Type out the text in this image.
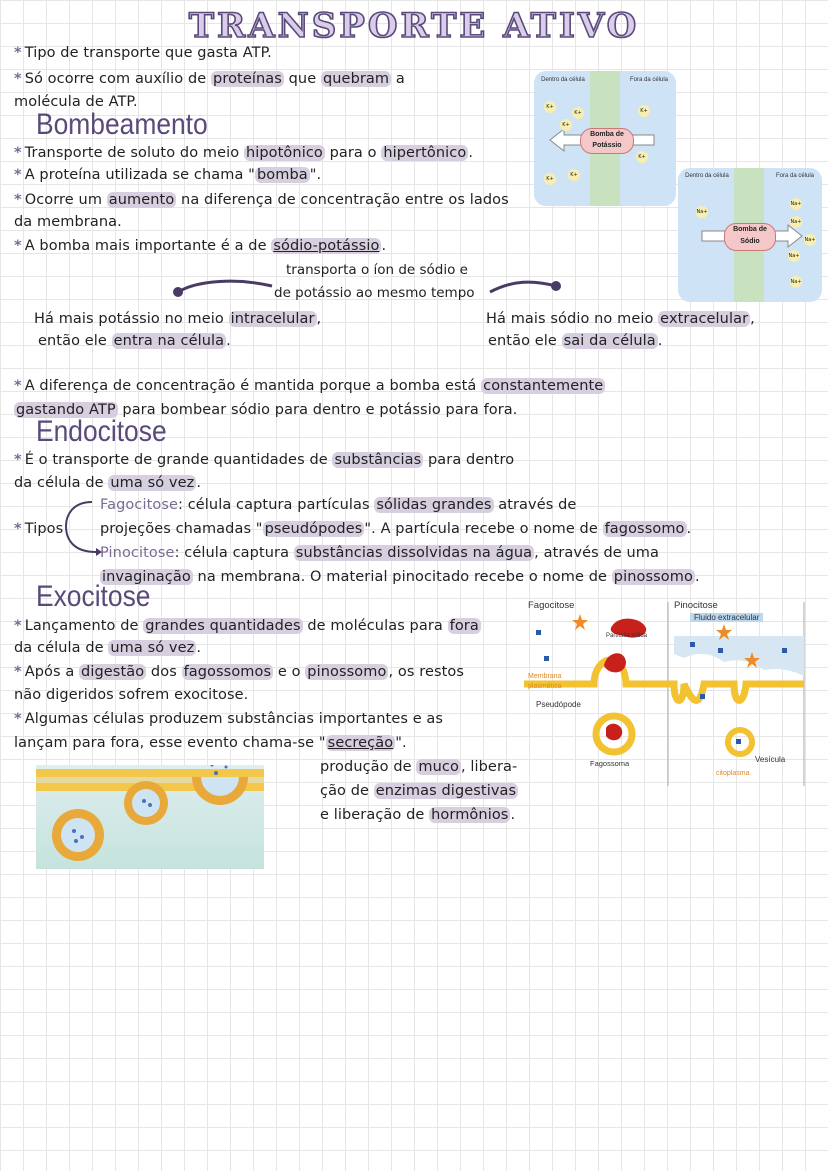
TRANSPORTE ATIVO
* Tipo de transporte que gasta ATP.
* Só ocorre com auxílio de proteínas que quebram a
molécula de ATP.
Bombeamento
* Transporte de soluto do meio hipotônico para o hipertônico .
* A proteína utilizada se chama " bomba ".
* Ocorre um aumento na diferença de concentração entre os lados
da membrana.
* A bomba mais importante é a de sódio-potássio .
transporta o íon de sódio e
de potássio ao mesmo tempo
Há mais potássio no meio intracelular ,
então ele entra na célula .
Há mais sódio no meio extracelular ,
então ele sai da célula .
* A diferença de concentração é mantida porque a bomba está constantemente
gastando ATP para bombear sódio para dentro e potássio para fora.
Dentro da célula	Fora da célula
Bomba de
Potássio
K+
K+
K+
K+
K+
K+
K+	Dentro da célula	Fora da célula
Bomba de
Sódio
Na+
Na+
Na+
Na+
Na+
Na+
Endocitose
* É o transporte de grande quantidades de substâncias para dentro
da célula de uma só vez .
* Tipos
Fagocitose: célula captura partículas sólidas grandes através de
projeções chamadas " pseudópodes ". A partícula recebe o nome de fagossomo .
Pinocitose: célula captura substâncias dissolvidas na água , através de uma
invaginação na membrana. O material pinocitado recebe o nome de pinossomo .
Exocitose
* Lançamento de grandes quantidades de moléculas para fora
da célula de uma só vez .
* Após a digestão dos fagossomos e o pinossomo , os restos
não digeridos sofrem exocitose.
* Algumas células produzem substâncias importantes e as
lançam para fora, esse evento chama-se " secreção ".
produção de muco , libera-
ção de enzimas digestivas
e liberação de hormônios .
Fagocitose	Pinocitose
Fluido extracelular
Partícula sólida
Membrana
plasmática
Pseudópode
Fagossoma	Vesícula
citoplasma
